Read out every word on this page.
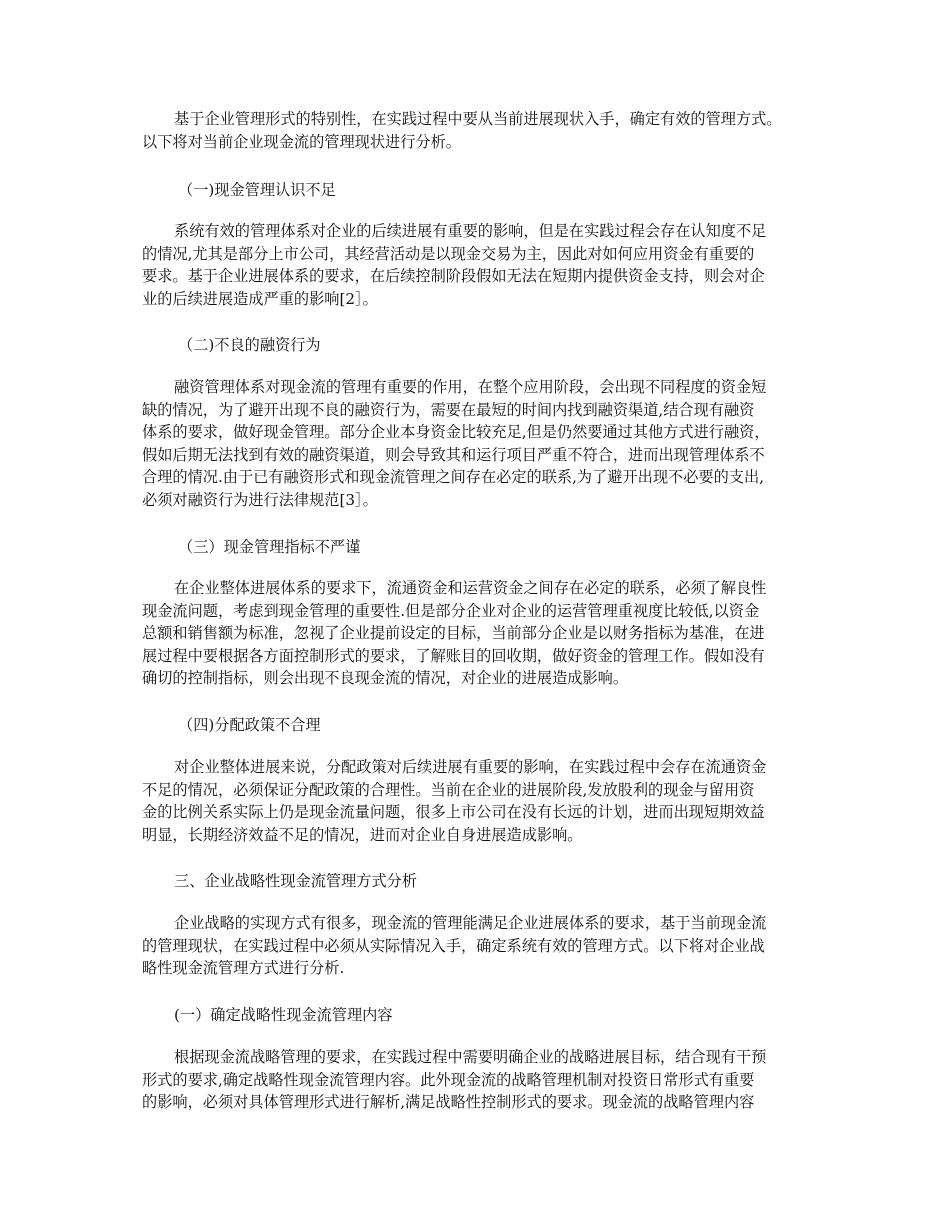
基于企业管理形式的特别性，在实践过程中要从当前进展现状入手，确定有效的管理方式。
以下将对当前企业现金流的管理现状进行分析。
（一)现金管理认识不足
系统有效的管理体系对企业的后续进展有重要的影响，但是在实践过程会存在认知度不足
的情况,尤其是部分上市公司，其经营活动是以现金交易为主，因此对如何应用资金有重要的
要求。基于企业进展体系的要求，在后续控制阶段假如无法在短期内提供资金支持，则会对企
业的后续进展造成严重的影响[2］。
（二)不良的融资行为
融资管理体系对现金流的管理有重要的作用，在整个应用阶段，会出现不同程度的资金短
缺的情况，为了避开出现不良的融资行为，需要在最短的时间内找到融资渠道,结合现有融资
体系的要求，做好现金管理。部分企业本身资金比较充足,但是仍然要通过其他方式进行融资，
假如后期无法找到有效的融资渠道，则会导致其和运行项目严重不符合，进而出现管理体系不
合理的情况.由于已有融资形式和现金流管理之间存在必定的联系,为了避开出现不必要的支出,
必须对融资行为进行法律规范[3］。
（三）现金管理指标不严谨
在企业整体进展体系的要求下，流通资金和运营资金之间存在必定的联系，必须了解良性
现金流问题，考虑到现金管理的重要性.但是部分企业对企业的运营管理重视度比较低,以资金
总额和销售额为标准，忽视了企业提前设定的目标，当前部分企业是以财务指标为基准，在进
展过程中要根据各方面控制形式的要求，了解账目的回收期，做好资金的管理工作。假如没有
确切的控制指标，则会出现不良现金流的情况，对企业的进展造成影响。
（四)分配政策不合理
对企业整体进展来说，分配政策对后续进展有重要的影响，在实践过程中会存在流通资金
不足的情况，必须保证分配政策的合理性。当前在企业的进展阶段,发放股利的现金与留用资
金的比例关系实际上仍是现金流量问题，很多上市公司在没有长远的计划，进而出现短期效益
明显，长期经济效益不足的情况，进而对企业自身进展造成影响。
三、企业战略性现金流管理方式分析
企业战略的实现方式有很多，现金流的管理能满足企业进展体系的要求，基于当前现金流
的管理现状，在实践过程中必须从实际情况入手，确定系统有效的管理方式。以下将对企业战
略性现金流管理方式进行分析.
(一）确定战略性现金流管理内容
根据现金流战略管理的要求，在实践过程中需要明确企业的战略进展目标，结合现有干预
形式的要求,确定战略性现金流管理内容。此外现金流的战略管理机制对投资日常形式有重要
的影响，必须对具体管理形式进行解析,满足战略性控制形式的要求。现金流的战略管理内容
